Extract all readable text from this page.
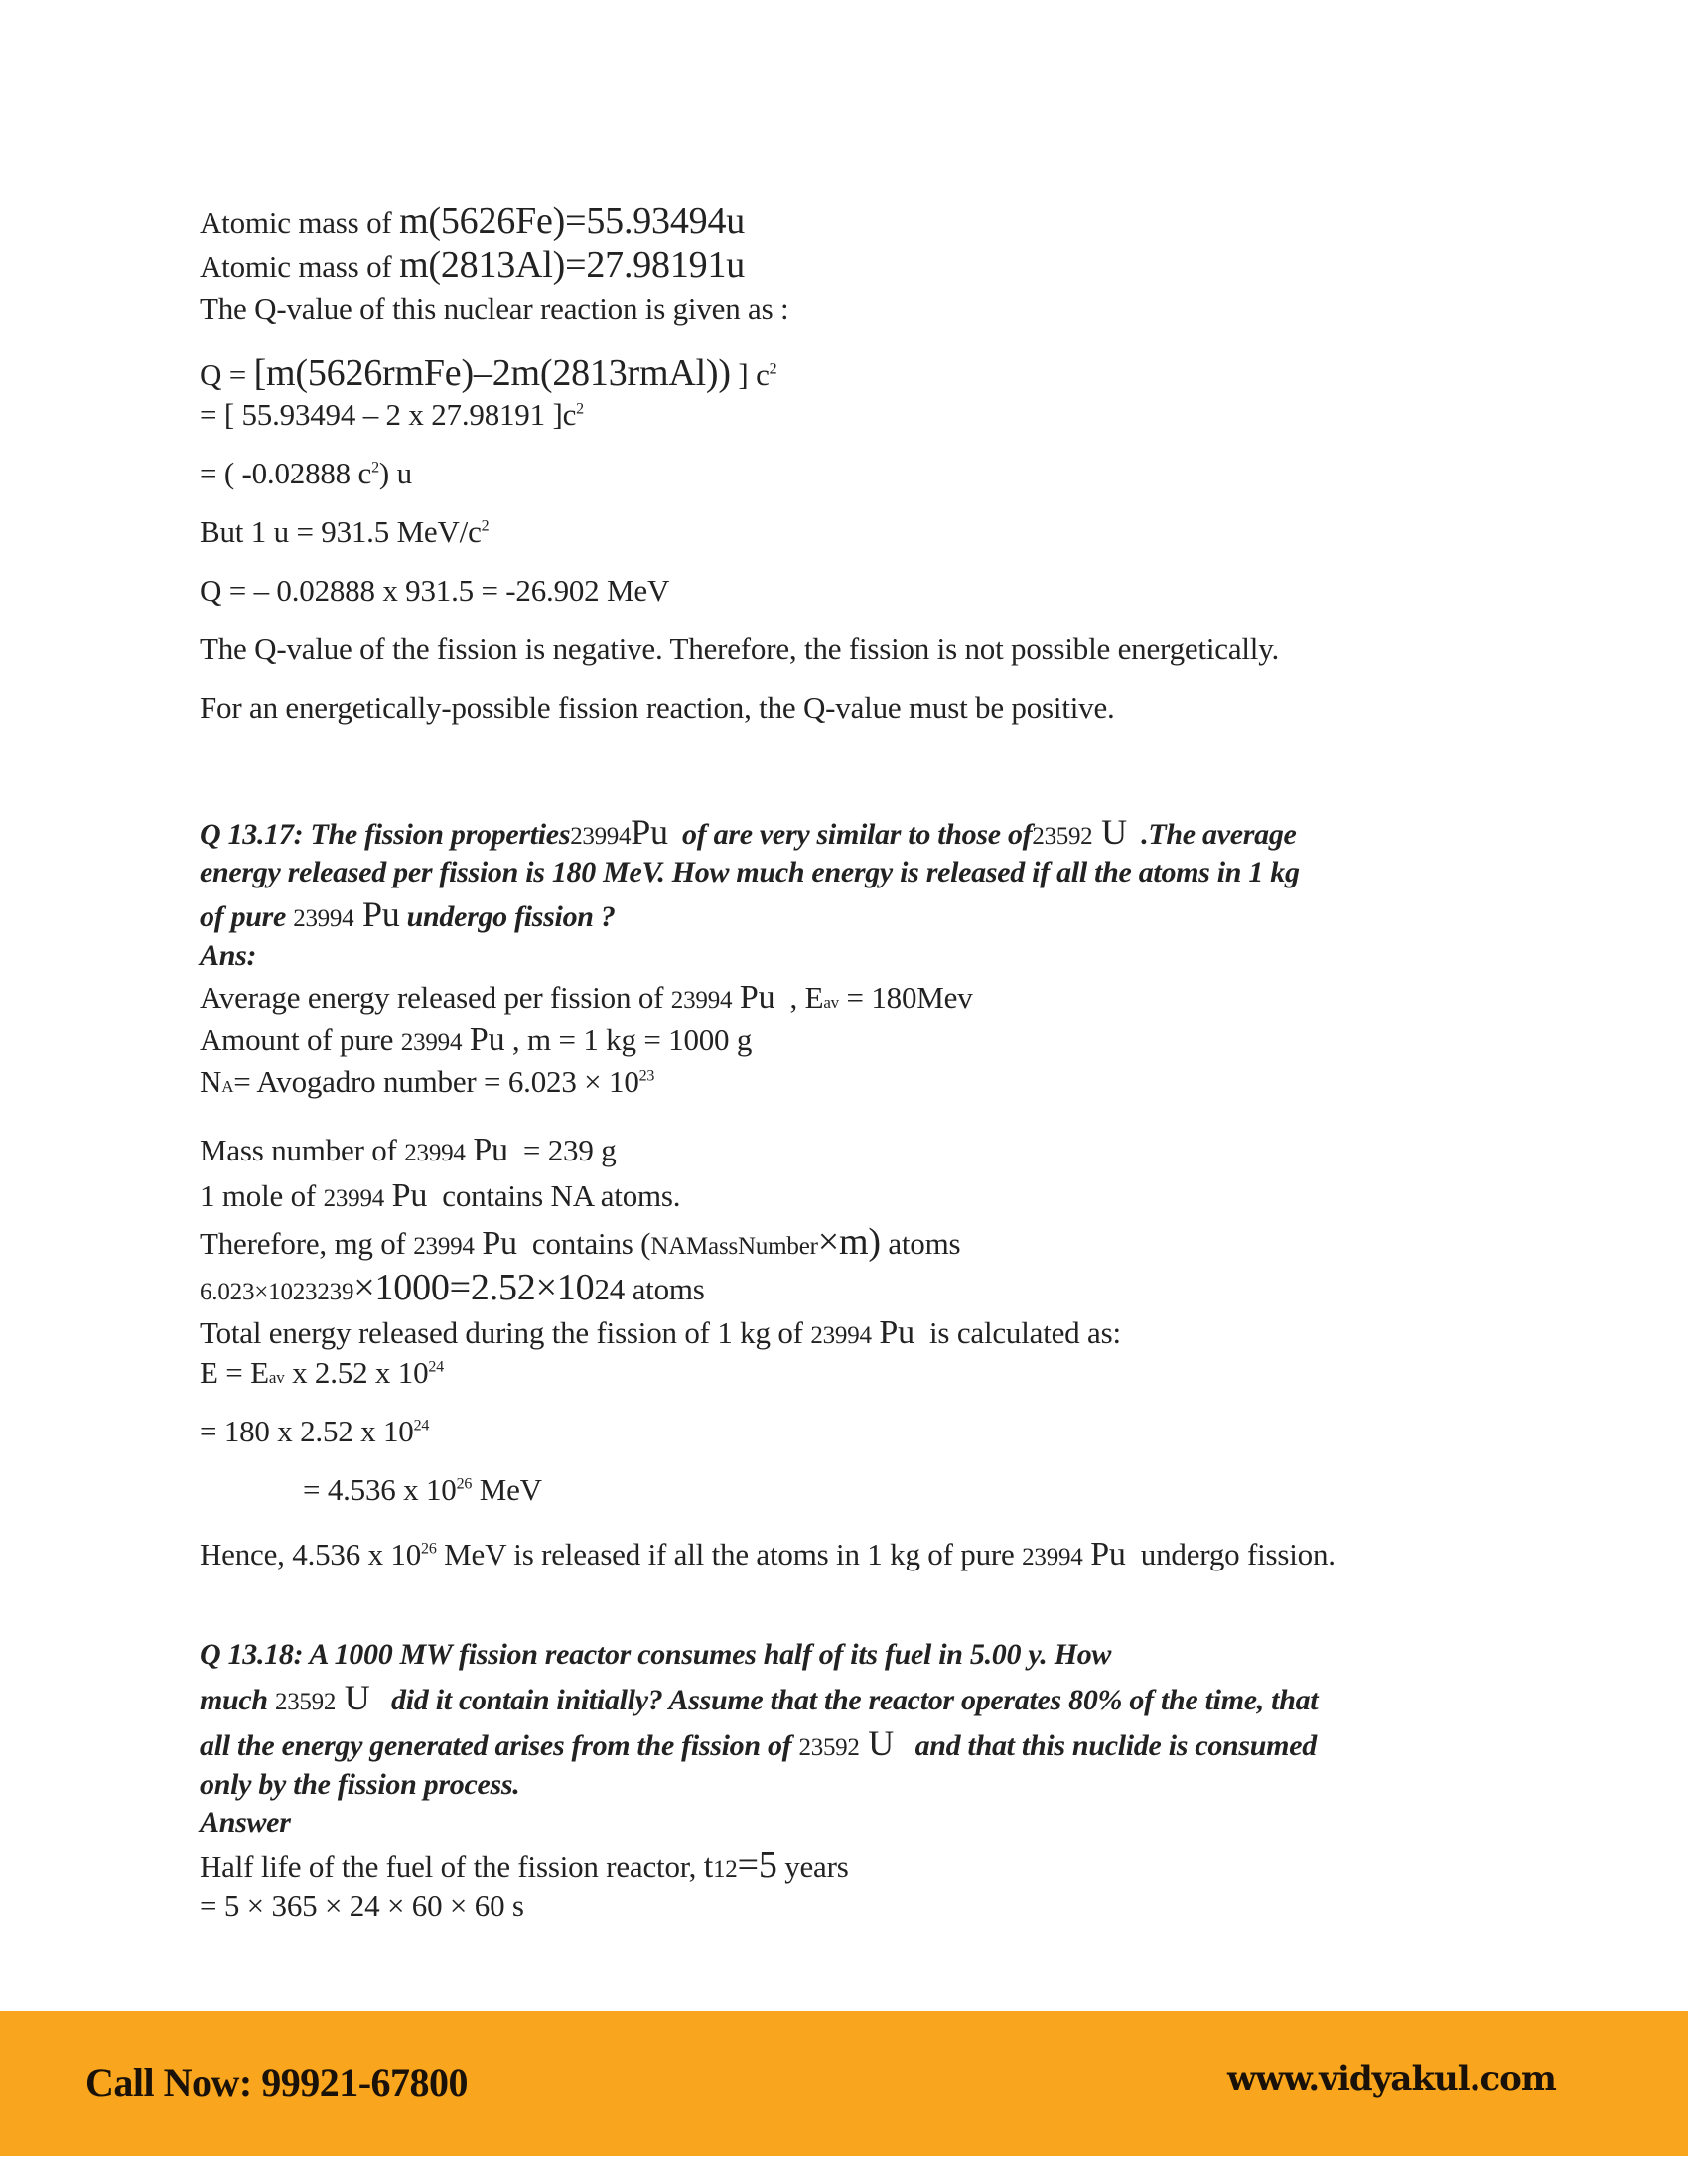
Atomic mass of m(5626Fe)=55.93494u
Atomic mass of m(2813Al)=27.98191u
The Q-value of this nuclear reaction is given as :
Q = [m(5626rmFe)–2m(2813rmAl)) ] $c^2$
= [ 55.93494 – 2 x 27.98191 ]$c^2$
= ( -0.02888 $c^2$) u
But 1 u = 931.5 MeV/$c^2$
Q = – 0.02888 x 931.5 = -26.902 MeV
The Q-value of the fission is negative. Therefore, the fission is not possible energetically.
For an energetically-possible fission reaction, the Q-value must be positive.
Q 13.17: The fission properties23994Pu  of are very similar to those of23592 U  .The average
energy released per fission is 180 MeV. How much energy is released if all the atoms in 1 kg
of pure 23994 Pu undergo fission ?
Ans:
Average energy released per fission of 23994 Pu  , Eav = 180Mev
Amount of pure 23994 Pu , m = 1 kg = 1000 g
NA= Avogadro number = $6.023 \times 10^{23}$
Mass number of 23994 Pu  = 239 g
1 mole of 23994 Pu  contains NA atoms.
Therefore, mg of 23994 Pu  contains (NAMassNumber×m) atoms
6.023×1023239×1000=2.52×1024 atoms
Total energy released during the fission of 1 kg of 23994 Pu  is calculated as:
E = Eav x 2.52 x $10^{24}$
= 180 x 2.52 x $10^{24}$
= 4.536 x $10^{26}$ MeV
Hence, 4.536 x $10^{26}$ MeV is released if all the atoms in 1 kg of pure 23994 Pu  undergo fission.
Q 13.18: A 1000 MW fission reactor consumes half of its fuel in 5.00 y. How
much 23592 U   did it contain initially? Assume that the reactor operates 80% of the time, that
all the energy generated arises from the fission of 23592 U   and that this nuclide is consumed
only by the fission process.
Answer
Half life of the fuel of the fission reactor, t12=5 years
= 5 × 365 × 24 × 60 × 60 s
Call Now: 99921-67800	www.vidyakul.com
